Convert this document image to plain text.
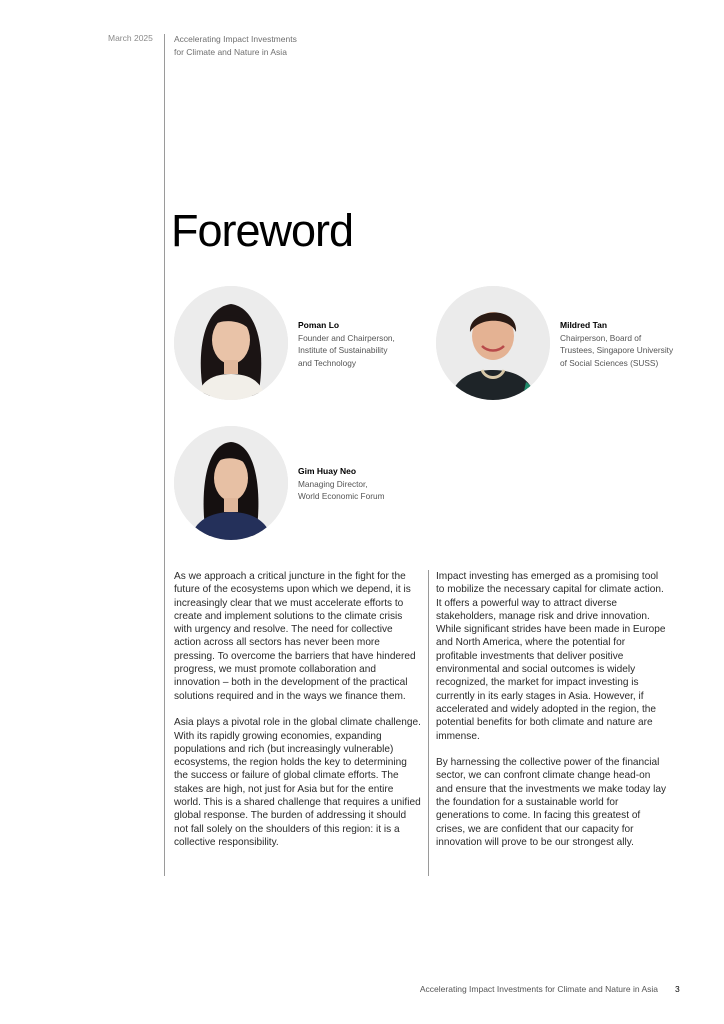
March 2025 Accelerating Impact Investments
for Climate and Nature in Asia
Foreword
Poman Lo
Founder and Chairperson,
Institute of Sustainability
and Technology
Mildred Tan
Chairperson, Board of
Trustees, Singapore University
of Social Sciences (SUSS)
Gim Huay Neo
Managing Director,
World Economic Forum

As we approach a critical juncture in the fight for the future of the ecosystems upon which we depend, it is increasingly clear that we must accelerate efforts to create and implement solutions to the climate crisis with urgency and resolve. The need for collective action across all sectors has never been more pressing. To overcome the barriers that have hindered progress, we must promote collaboration and innovation – both in the development of the practical solutions required and in the ways we finance them.

Asia plays a pivotal role in the global climate challenge. With its rapidly growing economies, expanding populations and rich (but increasingly vulnerable) ecosystems, the region holds the key to determining the success or failure of global climate efforts. The stakes are high, not just for Asia but for the entire world. This is a shared challenge that requires a unified global response. The burden of addressing it should not fall solely on the shoulders of this region: it is a collective responsibility.

Impact investing has emerged as a promising tool to mobilize the necessary capital for climate action. It offers a powerful way to attract diverse stakeholders, manage risk and drive innovation. While significant strides have been made in Europe and North America, where the potential for profitable investments that deliver positive environmental and social outcomes is widely recognized, the market for impact investing is currently in its early stages in Asia. However, if accelerated and widely adopted in the region, the potential benefits for both climate and nature are immense.

By harnessing the collective power of the financial sector, we can confront climate change head-on and ensure that the investments we make today lay the foundation for a sustainable world for generations to come. In facing this greatest of crises, we are confident that our capacity for innovation will prove to be our strongest ally.

Accelerating Impact Investments for Climate and Nature in Asia 3
